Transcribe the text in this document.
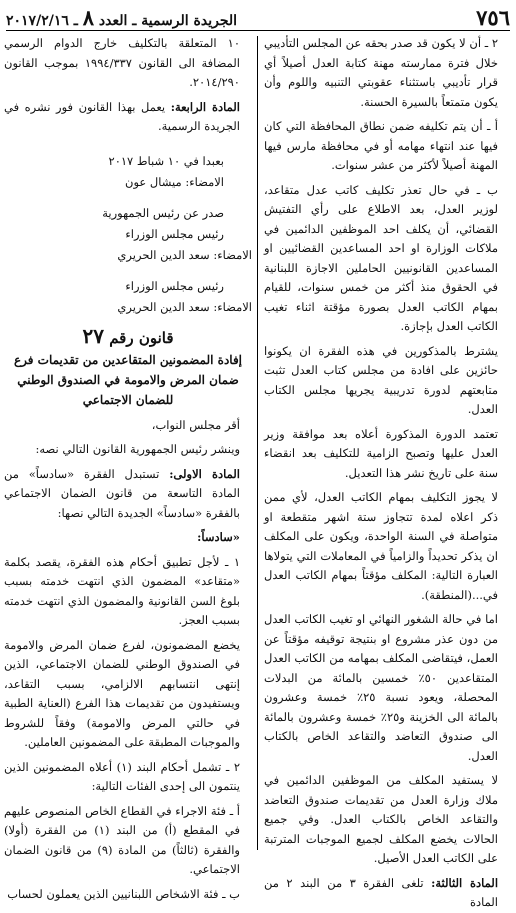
٧٥٦
الجريدة الرسمية ـ العدد ٨ ـ ٢٠١٧/٢/١٦

٢ ـ أن لا يكون قد صدر بحقه عن المجلس التأديبي خلال فترة ممارسته مهنة كتابة العدل أصيلاً أي قرار تأديبي باستثناء عقوبتي التنبيه واللوم وأن يكون متمتعاً بالسيرة الحسنة.

أ ـ أن يتم تكليفه ضمن نطاق المحافظة التي كان فيها عند انتهاء مهامه أو في محافظة مارس فيها المهنة أصيلاً لأكثر من عشر سنوات.

ب ـ في حال تعذر تكليف كاتب عدل متقاعد، لوزير العدل، بعد الاطلاع على رأي التفتيش القضائي، أن يكلف احد الموظفين الدائمين في ملاكات الوزارة او احد المساعدين القضائيين او المساعدين القانونيين الحاملين الاجازة اللبنانية في الحقوق منذ أكثر من خمس سنوات، للقيام بمهام الكاتب العدل بصورة مؤقتة اثناء تغيب الكاتب العدل بإجازة.

يشترط بالمذكورين في هذه الفقرة ان يكونوا حائزين على افادة من مجلس كتاب العدل تثبت متابعتهم لدورة تدريبية يجريها مجلس الكتاب العدل.

تعتمد الدورة المذكورة أعلاه بعد موافقة وزير العدل عليها وتصبح الزامية للتكليف بعد انقضاء سنة على تاريخ نشر هذا التعديل.

لا يجوز التكليف بمهام الكاتب العدل، لأي ممن ذكر اعلاه لمدة تتجاوز ستة اشهر متقطعة او متواصلة في السنة الواحدة، ويكون على المكلف ان يذكر تحديداً والزامياً في المعاملات التي يتولاها العبارة التالية: المكلف مؤقتاً بمهام الكاتب العدل في...(المنطقة).

اما في حالة الشغور النهائي او تغيب الكاتب العدل من دون عذر مشروع او بنتيجة توقيفه مؤقتاً عن العمل، فيتقاضى المكلف بمهامه من الكاتب العدل المتقاعدين ٥٠٪ خمسين بالمائة من البدلات المحصلة، ويعود نسبة ٢٥٪ خمسة وعشرون بالمائة الى الخزينة و٢٥٪ خمسة وعشرون بالمائة الى صندوق التعاضد والتقاعد الخاص بالكتاب العدل.

لا يستفيد المكلف من الموظفين الدائمين في ملاك وزارة العدل من تقديمات صندوق التعاضد والتقاعد الخاص بالكتاب العدل. وفي جميع الحالات يخضع المكلف لجميع الموجبات المترتبة على الكاتب العدل الأصيل.

المادة الثالثة: تلغى الفقرة ٣ من البند ٢ من المادة

١٠ المتعلقة بالتكليف خارج الدوام الرسمي المضافة الى القانون ١٩٩٤/٣٣٧ بموجب القانون ٢٠١٤/٢٩٠.

المادة الرابعة: يعمل بهذا القانون فور نشره في الجريدة الرسمية.

بعبدا في ١٠ شباط ٢٠١٧

الامضاء: ميشال عون

صدر عن رئيس الجمهورية

رئيس مجلس الوزراء

الامضاء: سعد الدين الحريري

رئيس مجلس الوزراء

الامضاء: سعد الدين الحريري

قانون رقم ٢٧
إفادة المضمونين المتقاعدين من تقديمات فرع ضمان المرض والامومة في الصندوق الوطني للضمان الاجتماعي

أقر مجلس النواب،

وينشر رئيس الجمهورية القانون التالي نصه:

المادة الاولى: تستبدل الفقرة «سادساً» من المادة التاسعة من قانون الضمان الاجتماعي بالفقرة «سادساً» الجديدة التالي نصها:

«سادساً:

١ ـ لأجل تطبيق أحكام هذه الفقرة، يقصد بكلمة «متقاعد» المضمون الذي انتهت خدمته بسبب بلوغ السن القانونية والمضمون الذي انتهت خدمته بسبب العجز.

يخضع المضمونون، لفرع ضمان المرض والامومة في الصندوق الوطني للضمان الاجتماعي، الذين إنتهى انتسابهم الالزامي، بسبب التقاعد، ويستفيدون من تقديمات هذا الفرع (العناية الطبية في حالتي المرض والامومة) وفقاً للشروط والموجبات المطبقة على المضمونين العاملين.

٢ ـ تشمل أحكام البند (١) أعلاه المضمونين الذين ينتمون الى إحدى الفئات التالية:

أ ـ فئة الاجراء في القطاع الخاص المنصوص عليهم في المقطع (أ) من البند (١) من الفقرة (أولا) والفقرة (ثالثاً) من المادة (٩) من قانون الضمان الاجتماعي.

ب ـ فئة الاشخاص اللبنانيين الذين يعملون لحساب
